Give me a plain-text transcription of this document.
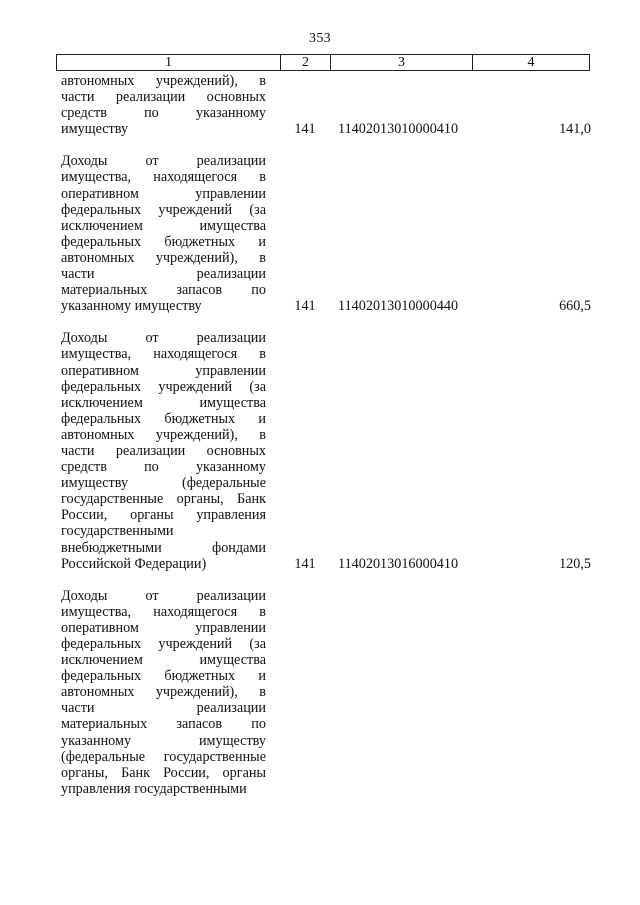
353
1	2	3	4
автономных учреждений), в
части реализации основных
средств по указанному
имуществу	141	11402013010000410	141,0
Доходы от реализации
имущества, находящегося в
оперативном управлении
федеральных учреждений (за
исключением имущества
федеральных бюджетных и
автономных учреждений), в
части реализации
материальных запасов по
указанному имуществу	141	11402013010000440	660,5
Доходы от реализации
имущества, находящегося в
оперативном управлении
федеральных учреждений (за
исключением имущества
федеральных бюджетных и
автономных учреждений), в
части реализации основных
средств по указанному
имуществу (федеральные
государственные органы, Банк
России, органы управления
государственными
внебюджетными фондами
Российской Федерации)	141	11402013016000410	120,5
Доходы от реализации
имущества, находящегося в
оперативном управлении
федеральных учреждений (за
исключением имущества
федеральных бюджетных и
автономных учреждений), в
части реализации
материальных запасов по
указанному имуществу
(федеральные государственные
органы, Банк России, органы
управления государственными
